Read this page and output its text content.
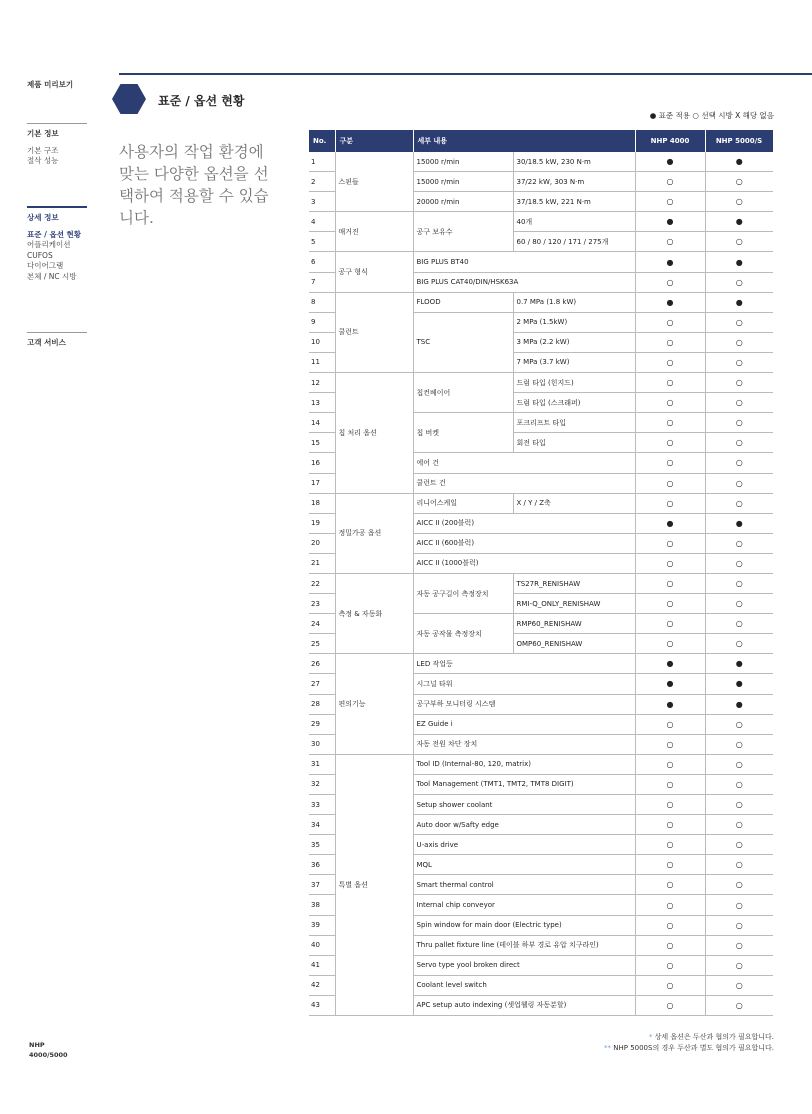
제품 미리보기
기본 정보
기본 구조
절삭 성능
상세 정보
표준 / 옵션 현황
어플리케이션
CUFOS
다이어그램
본체 / NC 시방
고객 서비스
NHP
4000/5000
표준 / 옵션 현황
사용자의 작업 환경에 맞는 다양한 옵션을 선택하여 적용할 수 있습니다.
● 표준 적용 ○ 선택 시방 X 해당 없음
No.	구분	세부 내용		NHP 4000	NHP 5000/S
1	스핀들	15000 r/min	30/18.5 kW, 230 N·m	●	●
2		15000 r/min	37/22 kW, 303 N·m	○	○
3		20000 r/min	37/18.5 kW, 221 N·m	○	○
4	매거진	공구 보유수	40개	●	●
5			60 / 80 / 120 / 171 / 275개	○	○
6	공구 형식	BIG PLUS BT40		●	●
7		BIG PLUS CAT40/DIN/HSK63A		○	○
8	쿨런트	FLOOD	0.7 MPa (1.8 kW)	●	●
9		TSC	2 MPa (1.5kW)	○	○
10			3 MPa (2.2 kW)	○	○
11			7 MPa (3.7 kW)	○	○
12	칩 처리 옵션	칩컨베이어	드럼 타입 (힌지드)	○	○
13			드럼 타입 (스크래퍼)	○	○
14		칩 버켓	포크리프트 타입	○	○
15			회전 타입	○	○
16		에어 건		○	○
17		쿨런트 건		○	○
18	정밀가공 옵션	리니어스케일	X / Y / Z축	○	○
19		AICC II (200블럭)		●	●
20		AICC II (600블럭)		○	○
21		AICC II (1000블럭)		○	○
22	측정 & 자동화	자동 공구길이 측정장치	TS27R_RENISHAW	○	○
23			RMI-Q_ONLY_RENISHAW	○	○
24		자동 공작물 측정장치	RMP60_RENISHAW	○	○
25			OMP60_RENISHAW	○	○
26	편의기능	LED 작업등		●	●
27		시그널 타워		●	●
28		공구부하 모니터링 시스템		●	●
29		EZ Guide i		○	○
30		자동 전원 차단 장치		○	○
31	특별 옵션	Tool ID (Internal-80, 120, matrix)		○	○
32		Tool Management (TMT1, TMT2, TMT8 DIGIT)		○	○
33		Setup shower coolant		○	○
34		Auto door w/Safty edge		○	○
35		U-axis drive		○	○
36		MQL		○	○
37		Smart thermal control		○	○
38		Internal chip conveyor		○	○
39		Spin window for main door (Electric type)		○	○
40		Thru pallet fixture line (테이블 하부 경로 유압 치구라인)		○	○
41		Servo type yool broken direct		○	○
42		Coolant level switch		○	○
43		APC setup auto indexing (셋업웰링 자동분할)		○	○
* 상세 옵션은 두산과 협의가 필요합니다.
** NHP 5000S의 경우 두산과 별도 협의가 필요합니다.
